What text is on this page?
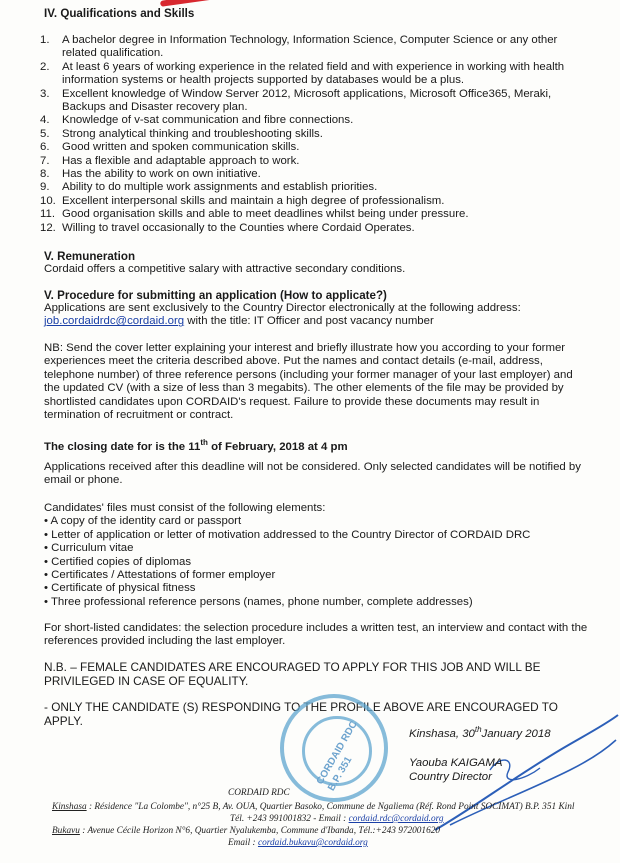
IV. Qualifications and Skills
1.	A bachelor degree in Information Technology, Information Science, Computer Science or any other related qualification.
2.	At least 6 years of working experience in the related field and with experience in working with health information systems or health projects supported by databases would be a plus.
3.	Excellent knowledge of Window Server 2012, Microsoft applications, Microsoft Office365, Meraki, Backups and Disaster recovery plan.
4.	Knowledge of v-sat communication and fibre connections.
5.	Strong analytical thinking and troubleshooting skills.
6.	Good written and spoken communication skills.
7.	Has a flexible and adaptable approach to work.
8.	Has the ability to work on own initiative.
9.	Ability to do multiple work assignments and establish priorities.
10. Excellent interpersonal skills and maintain a high degree of professionalism.
11. Good organisation skills and able to meet deadlines whilst being under pressure.
12. Willing to travel occasionally to the Counties where Cordaid Operates.
V. Remuneration

Cordaid offers a competitive salary with attractive secondary conditions.

V. Procedure for submitting an application (How to applicate?)

Applications are sent exclusively to the Country Director electronically at the following address:
job.cordaidrdc@cordaid.org with the title: IT Officer and post vacancy number

NB: Send the cover letter explaining your interest and briefly illustrate how you according to your former experiences meet the criteria described above. Put the names and contact details (e-mail, address, telephone number) of three reference persons (including your former manager of your last employer) and the updated CV (with a size of less than 3 megabits). The other elements of the file may be provided by shortlisted candidates upon CORDAID's request. Failure to provide these documents may result in termination of recruitment or contract.

The closing date for is the 11th of February, 2018 at 4 pm

Applications received after this deadline will not be considered. Only selected candidates will be notified by email or phone.

Candidates' files must consist of the following elements:
• A copy of the identity card or passport
• Letter of application or letter of motivation addressed to the Country Director of CORDAID DRC
• Curriculum vitae
• Certified copies of diplomas
• Certificates / Attestations of former employer
• Certificate of physical fitness
• Three professional reference persons (names, phone number, complete addresses)

For short-listed candidates: the selection procedure includes a written test, an interview and contact with the references provided including the last employer.

N.B. – FEMALE CANDIDATES ARE ENCOURAGED TO APPLY FOR THIS JOB AND WILL BE PRIVILEGED IN CASE OF EQUALITY.

- ONLY THE CANDIDATE (S) RESPONDING TO THE PROFILE ABOVE ARE ENCOURAGED TO APPLY.	CORDAID RDC B.P. 351
Kinshasa, 30thJanuary 2018
Yaouba KAIGAMA
Country Director
CORDAID RDC
Kinshasa : Résidence "La Colombe", n°25 B, Av. OUA, Quartier Basoko, Commune de Ngaliema (Réf. Rond Point SOCIMAT) B.P. 351 Kinl
Tél. +243 991001832 - Email : cordaid.rdc@cordaid.org
Bukavu : Avenue Cécile Horizon N°6, Quartier Nyalukemba, Commune d'Ibanda, Tél.:+243 972001620
Email : cordaid.bukavu@cordaid.org
